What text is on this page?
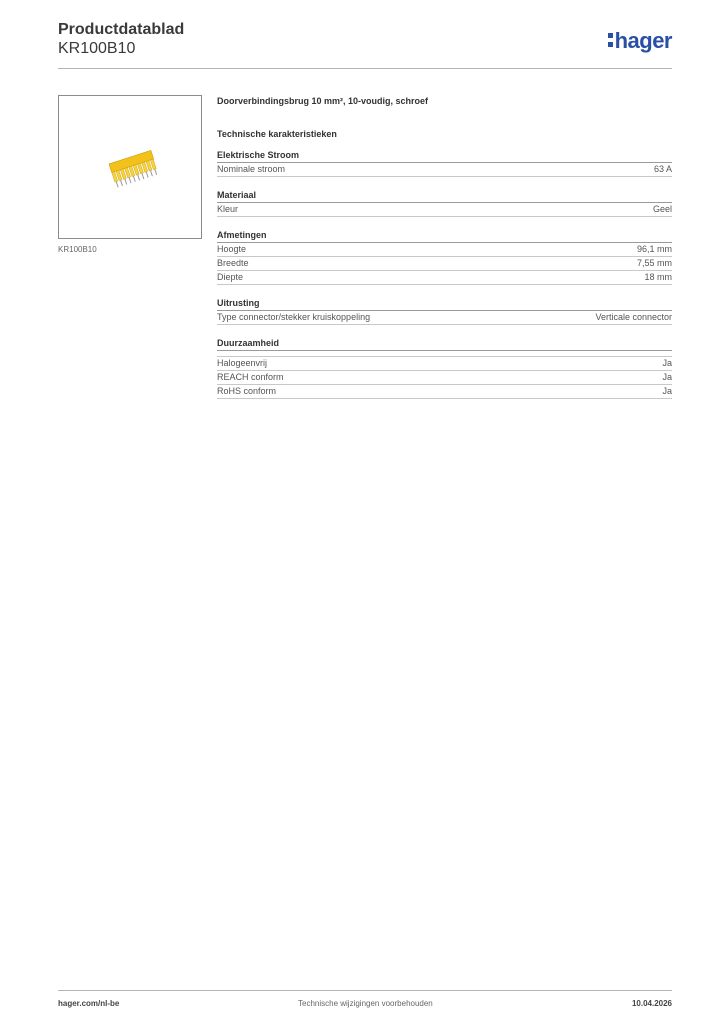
Productdatablad
KR100B10	hager
KR100B10
Doorverbindingsbrug 10 mm², 10-voudig, schroef
Technische karakteristieken
Elektrische Stroom
Nominale stroom	63 A
Materiaal
Kleur	Geel
Afmetingen
Hoogte	96,1 mm
Breedte	7,55 mm
Diepte	18 mm
Uitrusting
Type connector/stekker kruiskoppeling	Verticale connector
Duurzaamheid
Halogeenvrij	Ja
REACH conform	Ja
RoHS conform	Ja
hager.com/nl-be	Technische wijzigingen voorbehouden	10.04.2026
